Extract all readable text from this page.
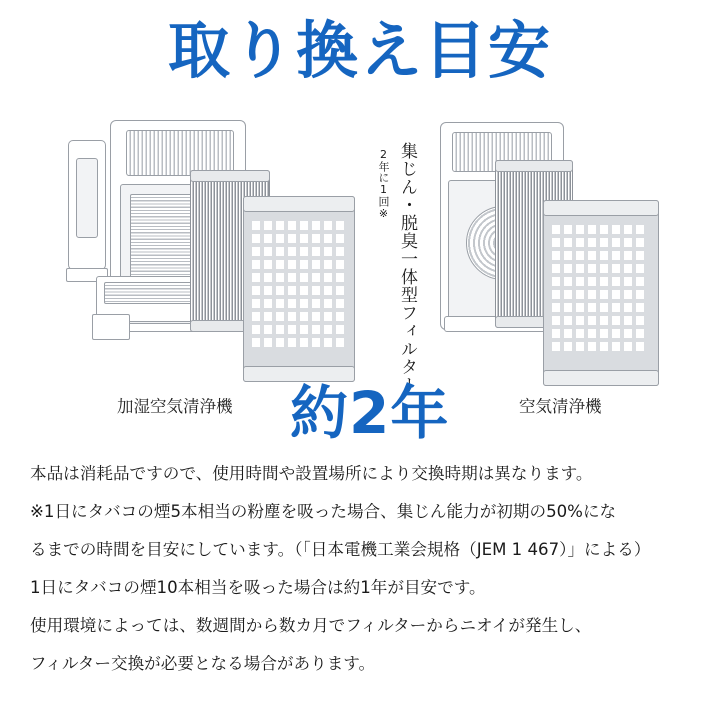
取り換え目安
集じん・脱臭一体型フィルター
2年に1回※
加湿空気清浄機	空気清浄機
約2年

本品は消耗品ですので、使用時間や設置場所により交換時期は異なります。

※1日にタバコの煙5本相当の粉塵を吸った場合、集じん能力が初期の50%にな

るまでの時間を目安にしています。（「日本電機工業会規格（JEM 1 467）」による）

1日にタバコの煙10本相当を吸った場合は約1年が目安です。

使用環境によっては、数週間から数カ月でフィルターからニオイが発生し、

フィルター交換が必要となる場合があります。
